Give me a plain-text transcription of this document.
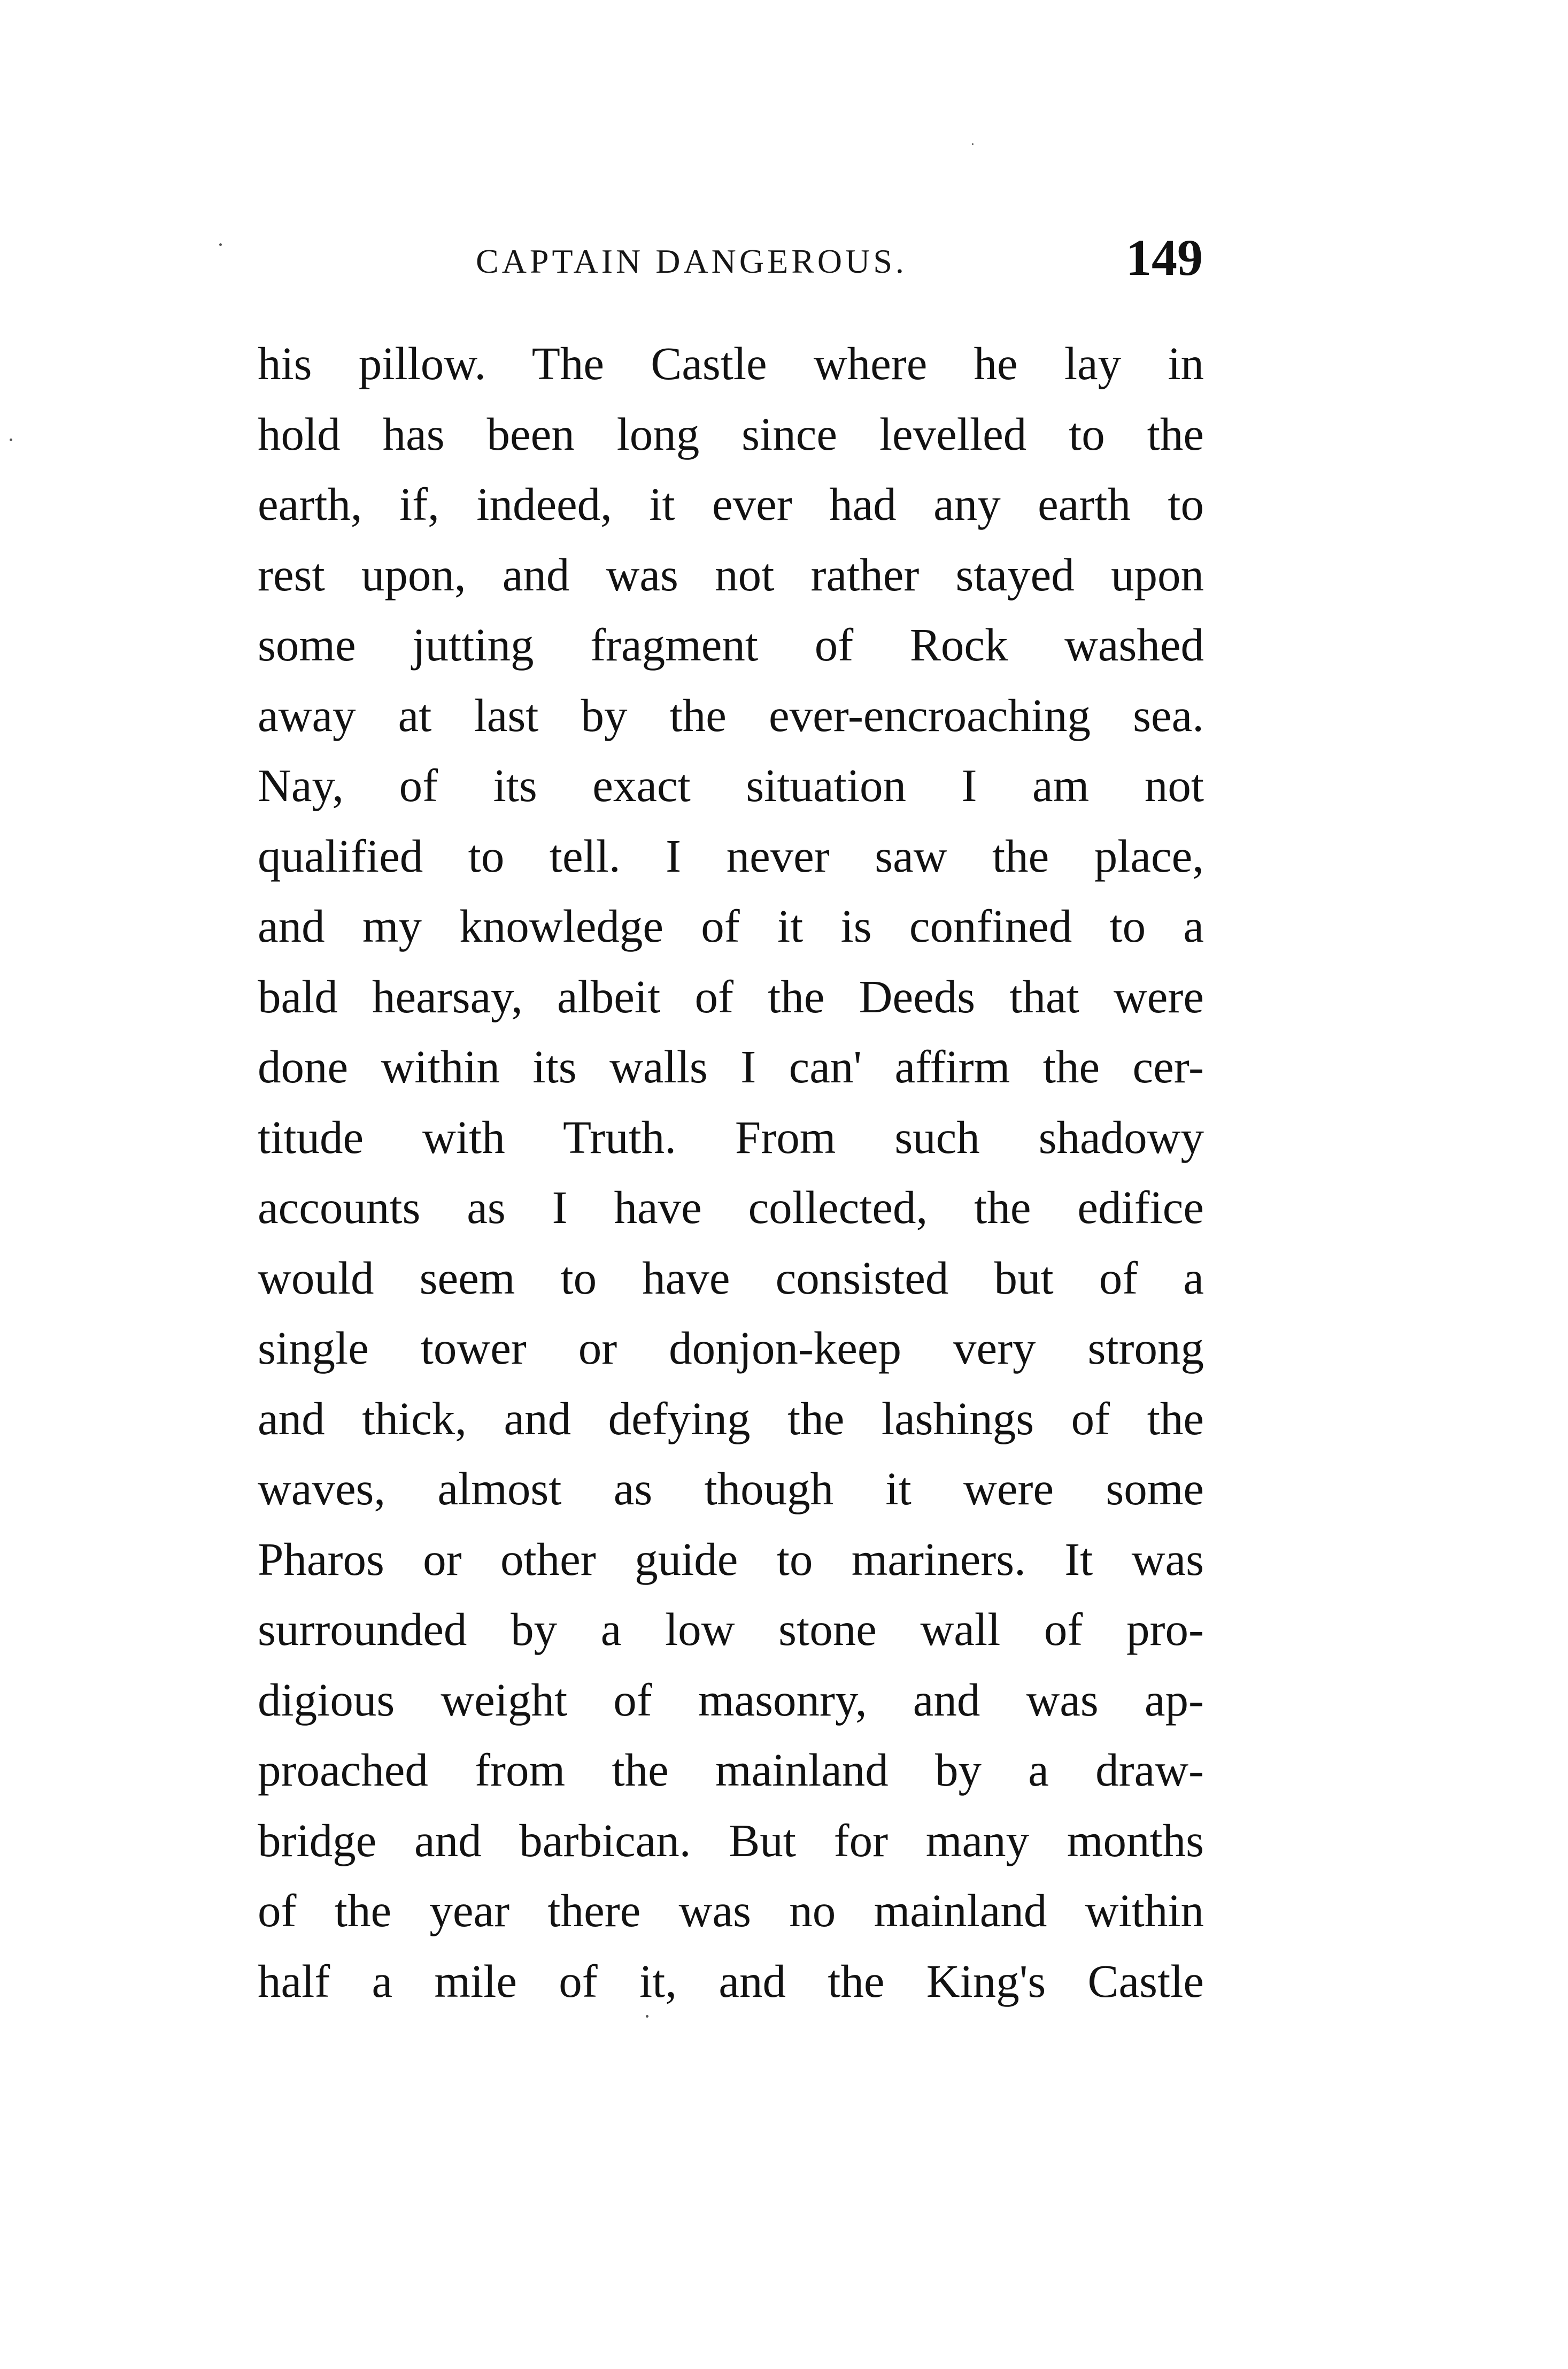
CAPTAIN DANGEROUS.	149
his pillow. The Castle where he lay in
hold has been long since levelled to the
earth, if, indeed, it ever had any earth to
rest upon, and was not rather stayed upon
some jutting fragment of Rock washed
away at last by the ever-encroaching sea.
Nay, of its exact situation I am not
qualified to tell. I never saw the place,
and my knowledge of it is confined to a
bald hearsay, albeit of the Deeds that were
done within its walls I can' affirm the cer-
titude with Truth. From such shadowy
accounts as I have collected, the edifice
would seem to have consisted but of a
single tower or donjon-keep very strong
and thick, and defying the lashings of the
waves, almost as though it were some
Pharos or other guide to mariners. It was
surrounded by a low stone wall of pro-
digious weight of masonry, and was ap-
proached from the mainland by a draw-
bridge and barbican. But for many months
of the year there was no mainland within
half a mile of it, and the King's Castle
